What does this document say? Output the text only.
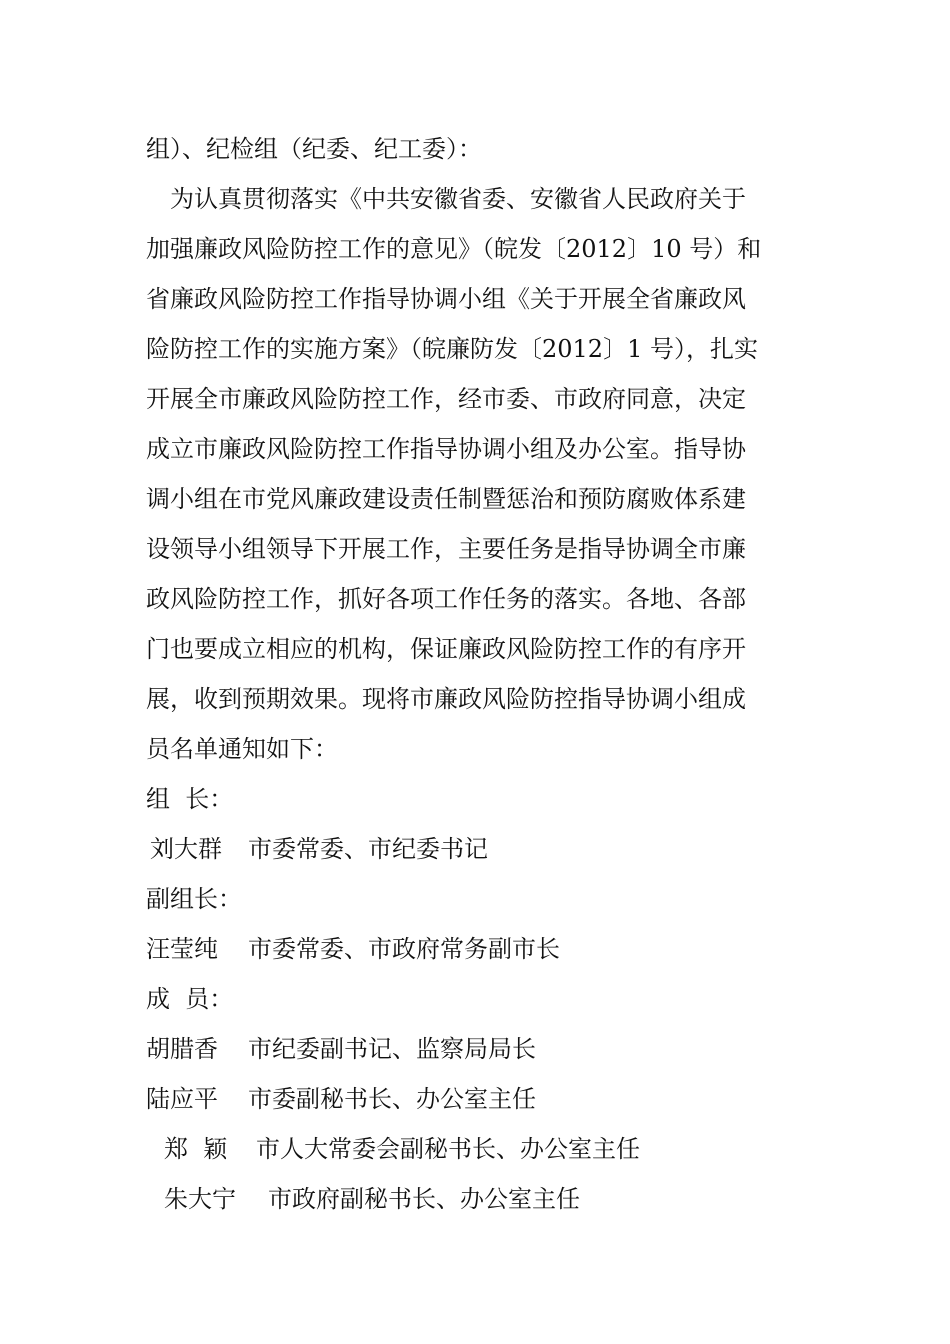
组）、纪检组（纪委、纪工委）：
为认真贯彻落实《中共安徽省委、安徽省人民政府关于
加强廉政风险防控工作的意见》（皖发〔2012〕10 号）和
省廉政风险防控工作指导协调小组《关于开展全省廉政风
险防控工作的实施方案》（皖廉防发〔2012〕1 号），扎实
开展全市廉政风险防控工作，经市委、市政府同意，决定
成立市廉政风险防控工作指导协调小组及办公室。指导协
调小组在市党风廉政建设责任制暨惩治和预防腐败体系建
设领导小组领导下开展工作，主要任务是指导协调全市廉
政风险防控工作，抓好各项工作任务的落实。各地、各部
门也要成立相应的机构，保证廉政风险防控工作的有序开
展，收到预期效果。现将市廉政风险防控指导协调小组成
员名单通知如下：
组  长：
刘大群 市委常委、市纪委书记
副组长：
汪莹纯 市委常委、市政府常务副市长
成  员：
胡腊香 市纪委副书记、监察局局长
陆应平 市委副秘书长、办公室主任
郑  颖 市人大常委会副秘书长、办公室主任
朱大宁 市政府副秘书长、办公室主任
